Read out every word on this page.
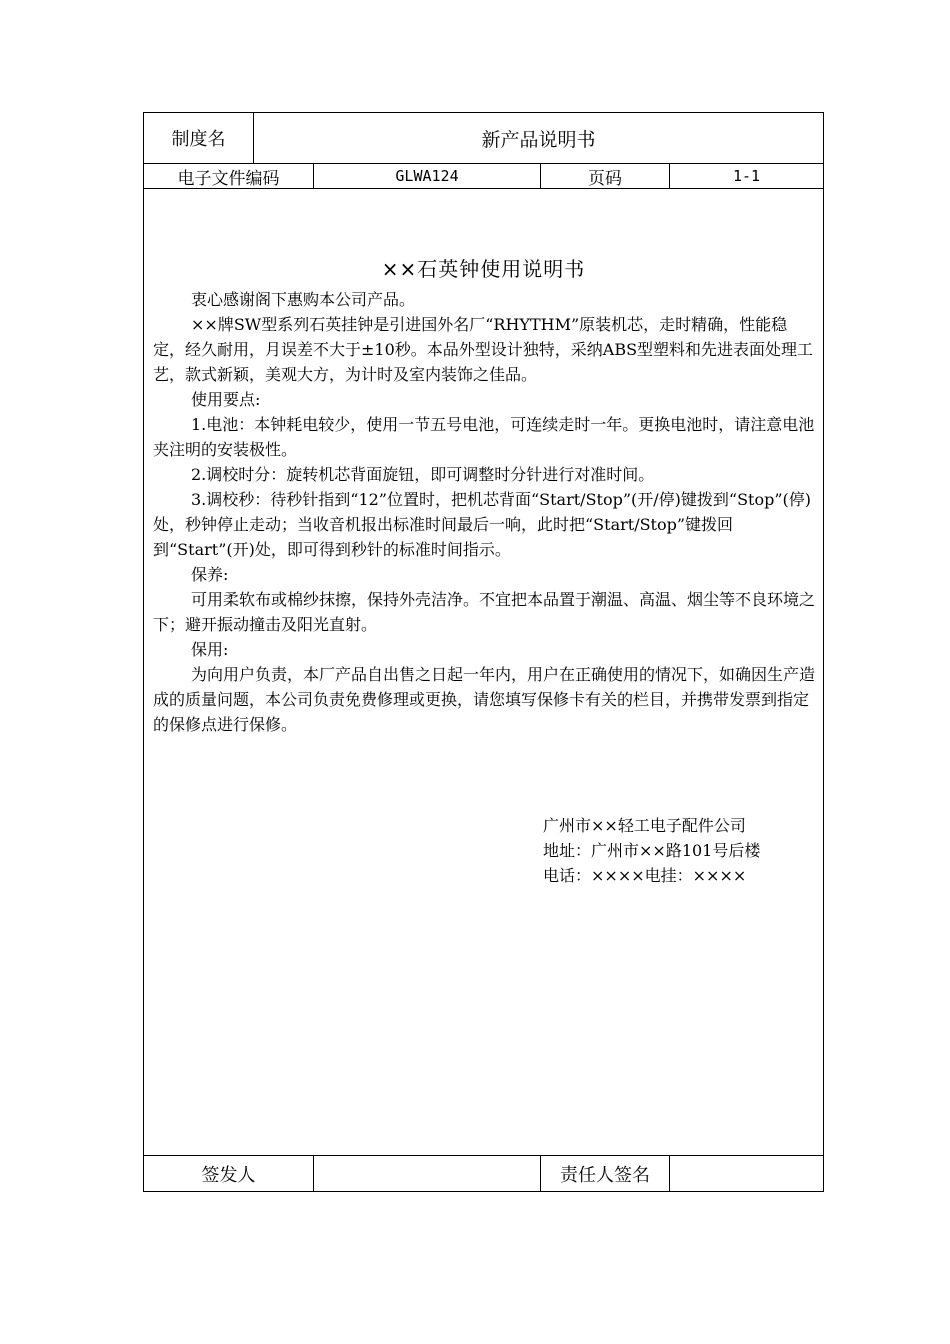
制度名	新产品说明书
电子文件编码	GLWA124	页码	1-1
××石英钟使用说明书

衷心感谢阁下惠购本公司产品。

××牌SW型系列石英挂钟是引进国外名厂“RHYTHM”原装机芯，走时精确，性能稳定，经久耐用，月误差不大于±10秒。本品外型设计独特，采纳ABS型塑料和先进表面处理工艺，款式新颖，美观大方，为计时及室内装饰之佳品。

使用要点:

1.电池：本钟耗电较少，使用一节五号电池，可连续走时一年。更换电池时，请注意电池夹注明的安装极性。

2.调校时分：旋转机芯背面旋钮，即可调整时分针进行对准时间。

3.调校秒：待秒针指到“12”位置时，把机芯背面“Start/Stop”(开/停)键拨到“Stop”(停)处，秒钟停止走动；当收音机报出标准时间最后一响，此时把“Start/Stop”键拨回到“Start”(开)处，即可得到秒针的标准时间指示。

保养:

可用柔软布或棉纱抹擦，保持外壳洁净。不宜把本品置于潮温、高温、烟尘等不良环境之下；避开振动撞击及阳光直射。

保用:

为向用户负责，本厂产品自出售之日起一年内，用户在正确使用的情况下，如确因生产造成的质量问题，本公司负责免费修理或更换，请您填写保修卡有关的栏目，并携带发票到指定的保修点进行保修。

广州市××轻工电子配件公司
地址：广州市××路101号后楼
电话：××××电挂：××××
签发人	责任人签名
